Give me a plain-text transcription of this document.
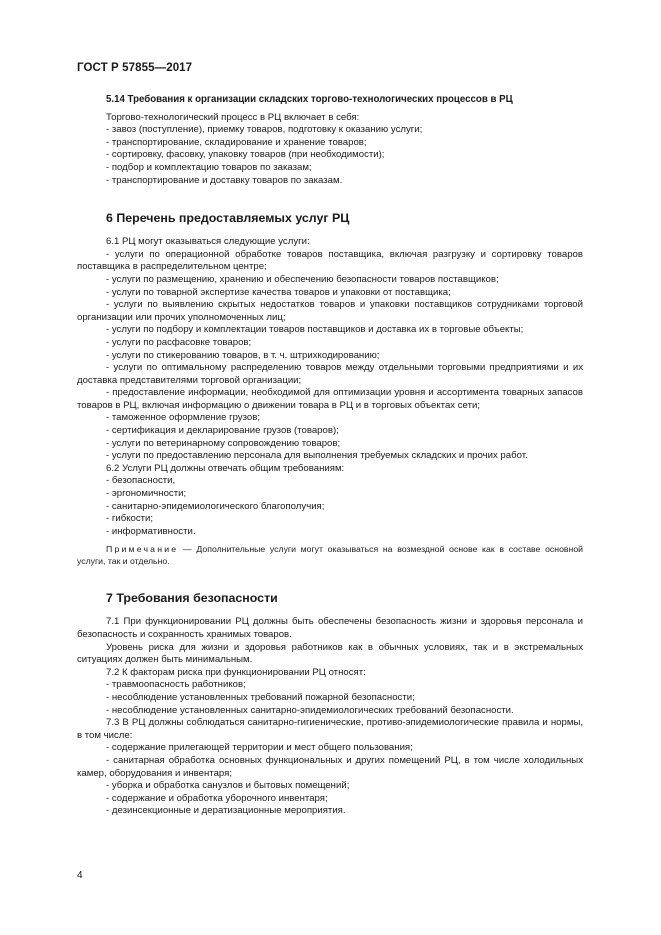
ГОСТ Р 57855—2017
5.14 Требования к организации складских торгово-технологических процессов в РЦ
Торгово-технологический процесс в РЦ включает в себя:
- завоз (поступление), приемку товаров, подготовку к оказанию услуги;
- транспортирование, складирование и хранение товаров;
- сортировку, фасовку, упаковку товаров (при необходимости);
- подбор и комплектацию товаров по заказам;
- транспортирование и доставку товаров по заказам.
6 Перечень предоставляемых услуг РЦ
6.1 РЦ могут оказываться следующие услуги:
- услуги по операционной обработке товаров поставщика, включая разгрузку и сортировку товаров поставщика в распределительном центре;
- услуги по размещению, хранению и обеспечению безопасности товаров поставщиков;
- услуги по товарной экспертизе качества товаров и упаковки от поставщика;
- услуги по выявлению скрытых недостатков товаров и упаковки поставщиков сотрудниками торговой организации или прочих уполномоченных лиц;
- услуги по подбору и комплектации товаров поставщиков и доставка их в торговые объекты;
- услуги по расфасовке товаров;
- услуги по стикерованию товаров, в т. ч. штрихкодированию;
- услуги по оптимальному распределению товаров между отдельными торговыми предприятиями и их доставка представителями торговой организации;
- предоставление информации, необходимой для оптимизации уровня и ассортимента товарных запасов товаров в РЦ, включая информацию о движении товара в РЦ и в торговых объектах сети;
- таможенное оформление грузов;
- сертификация и декларирование грузов (товаров);
- услуги по ветеринарному сопровождению товаров;
- услуги по предоставлению персонала для выполнения требуемых складских и прочих работ.
6.2 Услуги РЦ должны отвечать общим требованиям:
- безопасности,
- эргономичности;
- санитарно-эпидемиологического благополучия;
- гибкости;
- информативности.
Примечание — Дополнительные услуги могут оказываться на возмездной основе как в составе основной услуги, так и отдельно.
7 Требования безопасности
7.1 При функционировании РЦ должны быть обеспечены безопасность жизни и здоровья персонала и безопасность и сохранность хранимых товаров.
Уровень риска для жизни и здоровья работников как в обычных условиях, так и в экстремальных ситуациях должен быть минимальным.
7.2 К факторам риска при функционировании РЦ относят:
- травмоопасность работников;
- несоблюдение установленных требований пожарной безопасности;
- несоблюдение установленных санитарно-эпидемиологических требований безопасности.
7.3 В РЦ должны соблюдаться санитарно-гигиенические, противо-эпидемиологические правила и нормы, в том числе:
- содержание прилегающей территории и мест общего пользования;
- санитарная обработка основных функциональных и других помещений РЦ, в том числе холодильных камер, оборудования и инвентаря;
- уборка и обработка санузлов и бытовых помещений;
- содержание и обработка уборочного инвентаря;
- дезинсекционные и дератизационные мероприятия.
4
